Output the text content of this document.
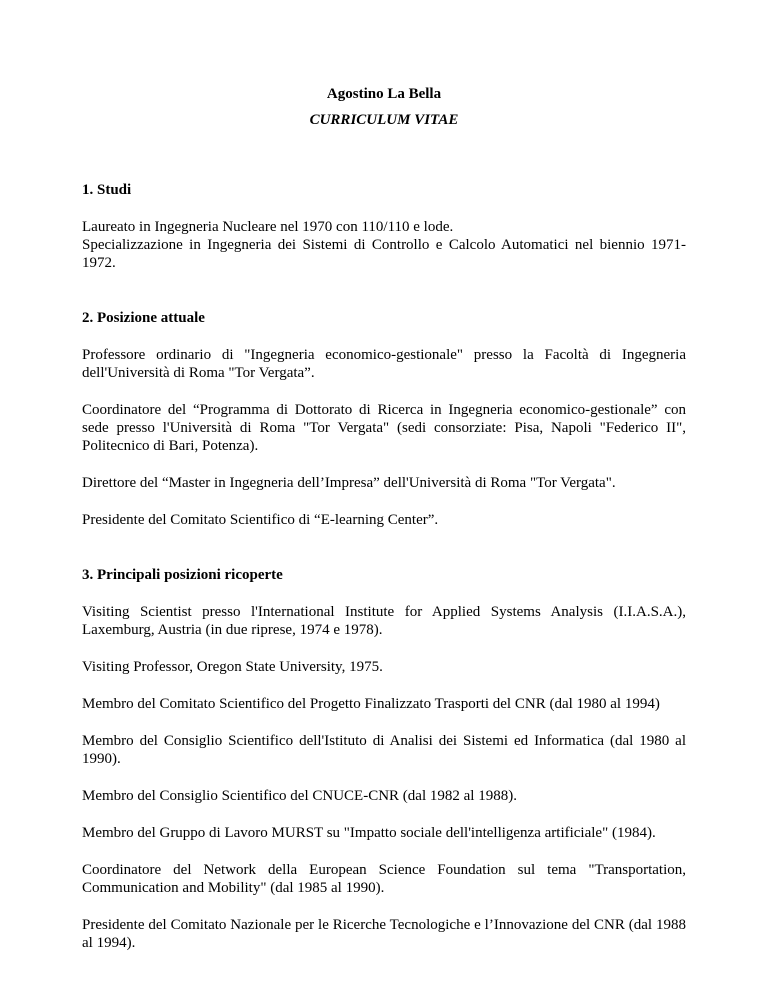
Agostino La Bella
CURRICULUM VITAE
1. Studi

Laureato in Ingegneria Nucleare nel 1970 con 110/110 e lode.

Specializzazione in Ingegneria dei Sistemi di Controllo e Calcolo Automatici nel biennio 1971-1972.

2. Posizione attuale

Professore ordinario di "Ingegneria economico-gestionale" presso la Facoltà di Ingegneria dell'Università di Roma "Tor Vergata”.

Coordinatore del “Programma di Dottorato di Ricerca in Ingegneria economico-gestionale” con sede presso l'Università di Roma "Tor Vergata" (sedi consorziate: Pisa, Napoli "Federico II", Politecnico di Bari, Potenza).

Direttore del “Master in Ingegneria dell’Impresa” dell'Università di Roma "Tor Vergata".

Presidente del Comitato Scientifico di “E-learning Center”.

3. Principali posizioni ricoperte

Visiting Scientist presso l'International Institute for Applied Systems Analysis (I.I.A.S.A.), Laxemburg, Austria (in due riprese, 1974 e 1978).

Visiting Professor, Oregon State University, 1975.

Membro del Comitato Scientifico del Progetto Finalizzato Trasporti del CNR (dal 1980 al 1994)

Membro del Consiglio Scientifico dell'Istituto di Analisi dei Sistemi ed Informatica (dal 1980 al 1990).

Membro del Consiglio Scientifico del CNUCE-CNR (dal 1982 al 1988).

Membro del Gruppo di Lavoro MURST su "Impatto sociale dell'intelligenza artificiale" (1984).

Coordinatore del Network della European Science Foundation sul tema "Transportation, Communication and Mobility" (dal 1985 al 1990).

Presidente del Comitato Nazionale per le Ricerche Tecnologiche e l’Innovazione del CNR (dal 1988 al 1994).
